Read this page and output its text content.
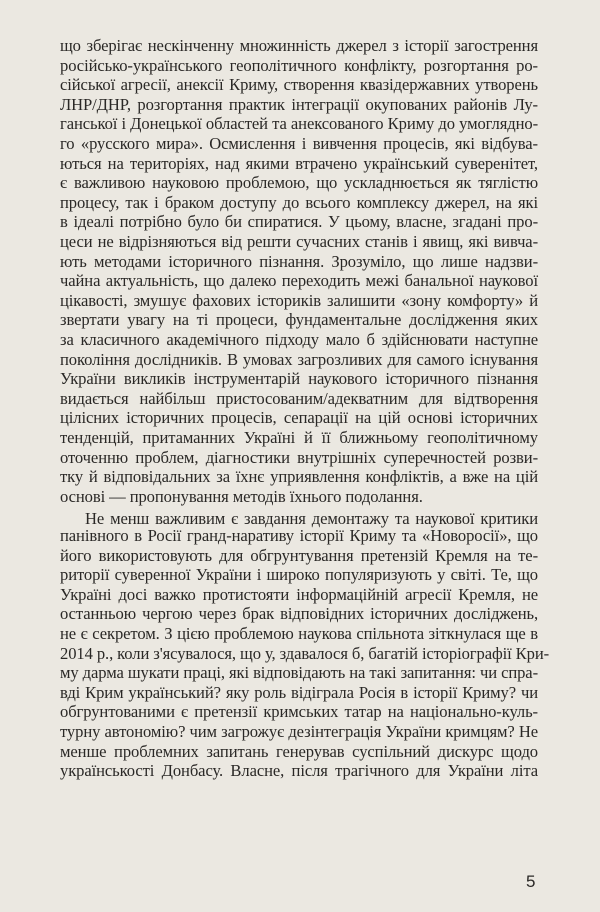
що зберігає нескінченну множинність джерел з історії загострення
російсько-українського геополітичного конфлікту, розгортання ро-
сійської агресії, анексії Криму, створення квазідержавних утворень
ЛНР/ДНР, розгортання практик інтеграції окупованих районів Лу-
ганської і Донецької областей та анексованого Криму до умоглядно-
го «русского мира». Осмислення і вивчення процесів, які відбува-
ються на територіях, над якими втрачено український суверенітет,
є важливою науковою проблемою, що ускладнюється як тяглістю
процесу, так і браком доступу до всього комплексу джерел, на які
в ідеалі потрібно було би спиратися. У цьому, власне, згадані про-
цеси не відрізняються від решти сучасних станів і явищ, які вивча-
ють методами історичного пізнання. Зрозуміло, що лише надзви-
чайна актуальність, що далеко переходить межі банальної наукової
цікавості, змушує фахових істориків залишити «зону комфорту» й
звертати увагу на ті процеси, фундаментальне дослідження яких
за класичного академічного підходу мало б здійснювати наступне
покоління дослідників. В умовах загрозливих для самого існування
України викликів інструментарій наукового історичного пізнання
видається найбільш пристосованим/адекватним для відтворення
цілісних історичних процесів, сепарації на цій основі історичних
тенденцій, притаманних Україні й її ближньому геополітичному
оточенню проблем, діагностики внутрішніх суперечностей розви-
тку й відповідальних за їхнє уприявлення конфліктів, а вже на цій
основі — пропонування методів їхнього подолання.
Не менш важливим є завдання демонтажу та наукової критики
панівного в Росії гранд-наративу історії Криму та «Новоросії», що
його використовують для обгрунтування претензій Кремля на те-
риторії суверенної України і широко популяризують у світі. Те, що
Україні досі важко протистояти інформаційній агресії Кремля, не
останньою чергою через брак відповідних історичних досліджень,
не є секретом. З цією проблемою наукова спільнота зіткнулася ще в
2014 р., коли з'ясувалося, що у, здавалося б, багатій історіографії Кри-
му дарма шукати праці, які відповідають на такі запитання: чи спра-
вді Крим український? яку роль відіграла Росія в історії Криму? чи
обгрунтованими є претензії кримських татар на національно-куль-
турну автономію? чим загрожує дезінтеграція України кримцям? Не
менше проблемних запитань генерував суспільний дискурс щодо
українськості Донбасу. Власне, після трагічного для України літа
5
